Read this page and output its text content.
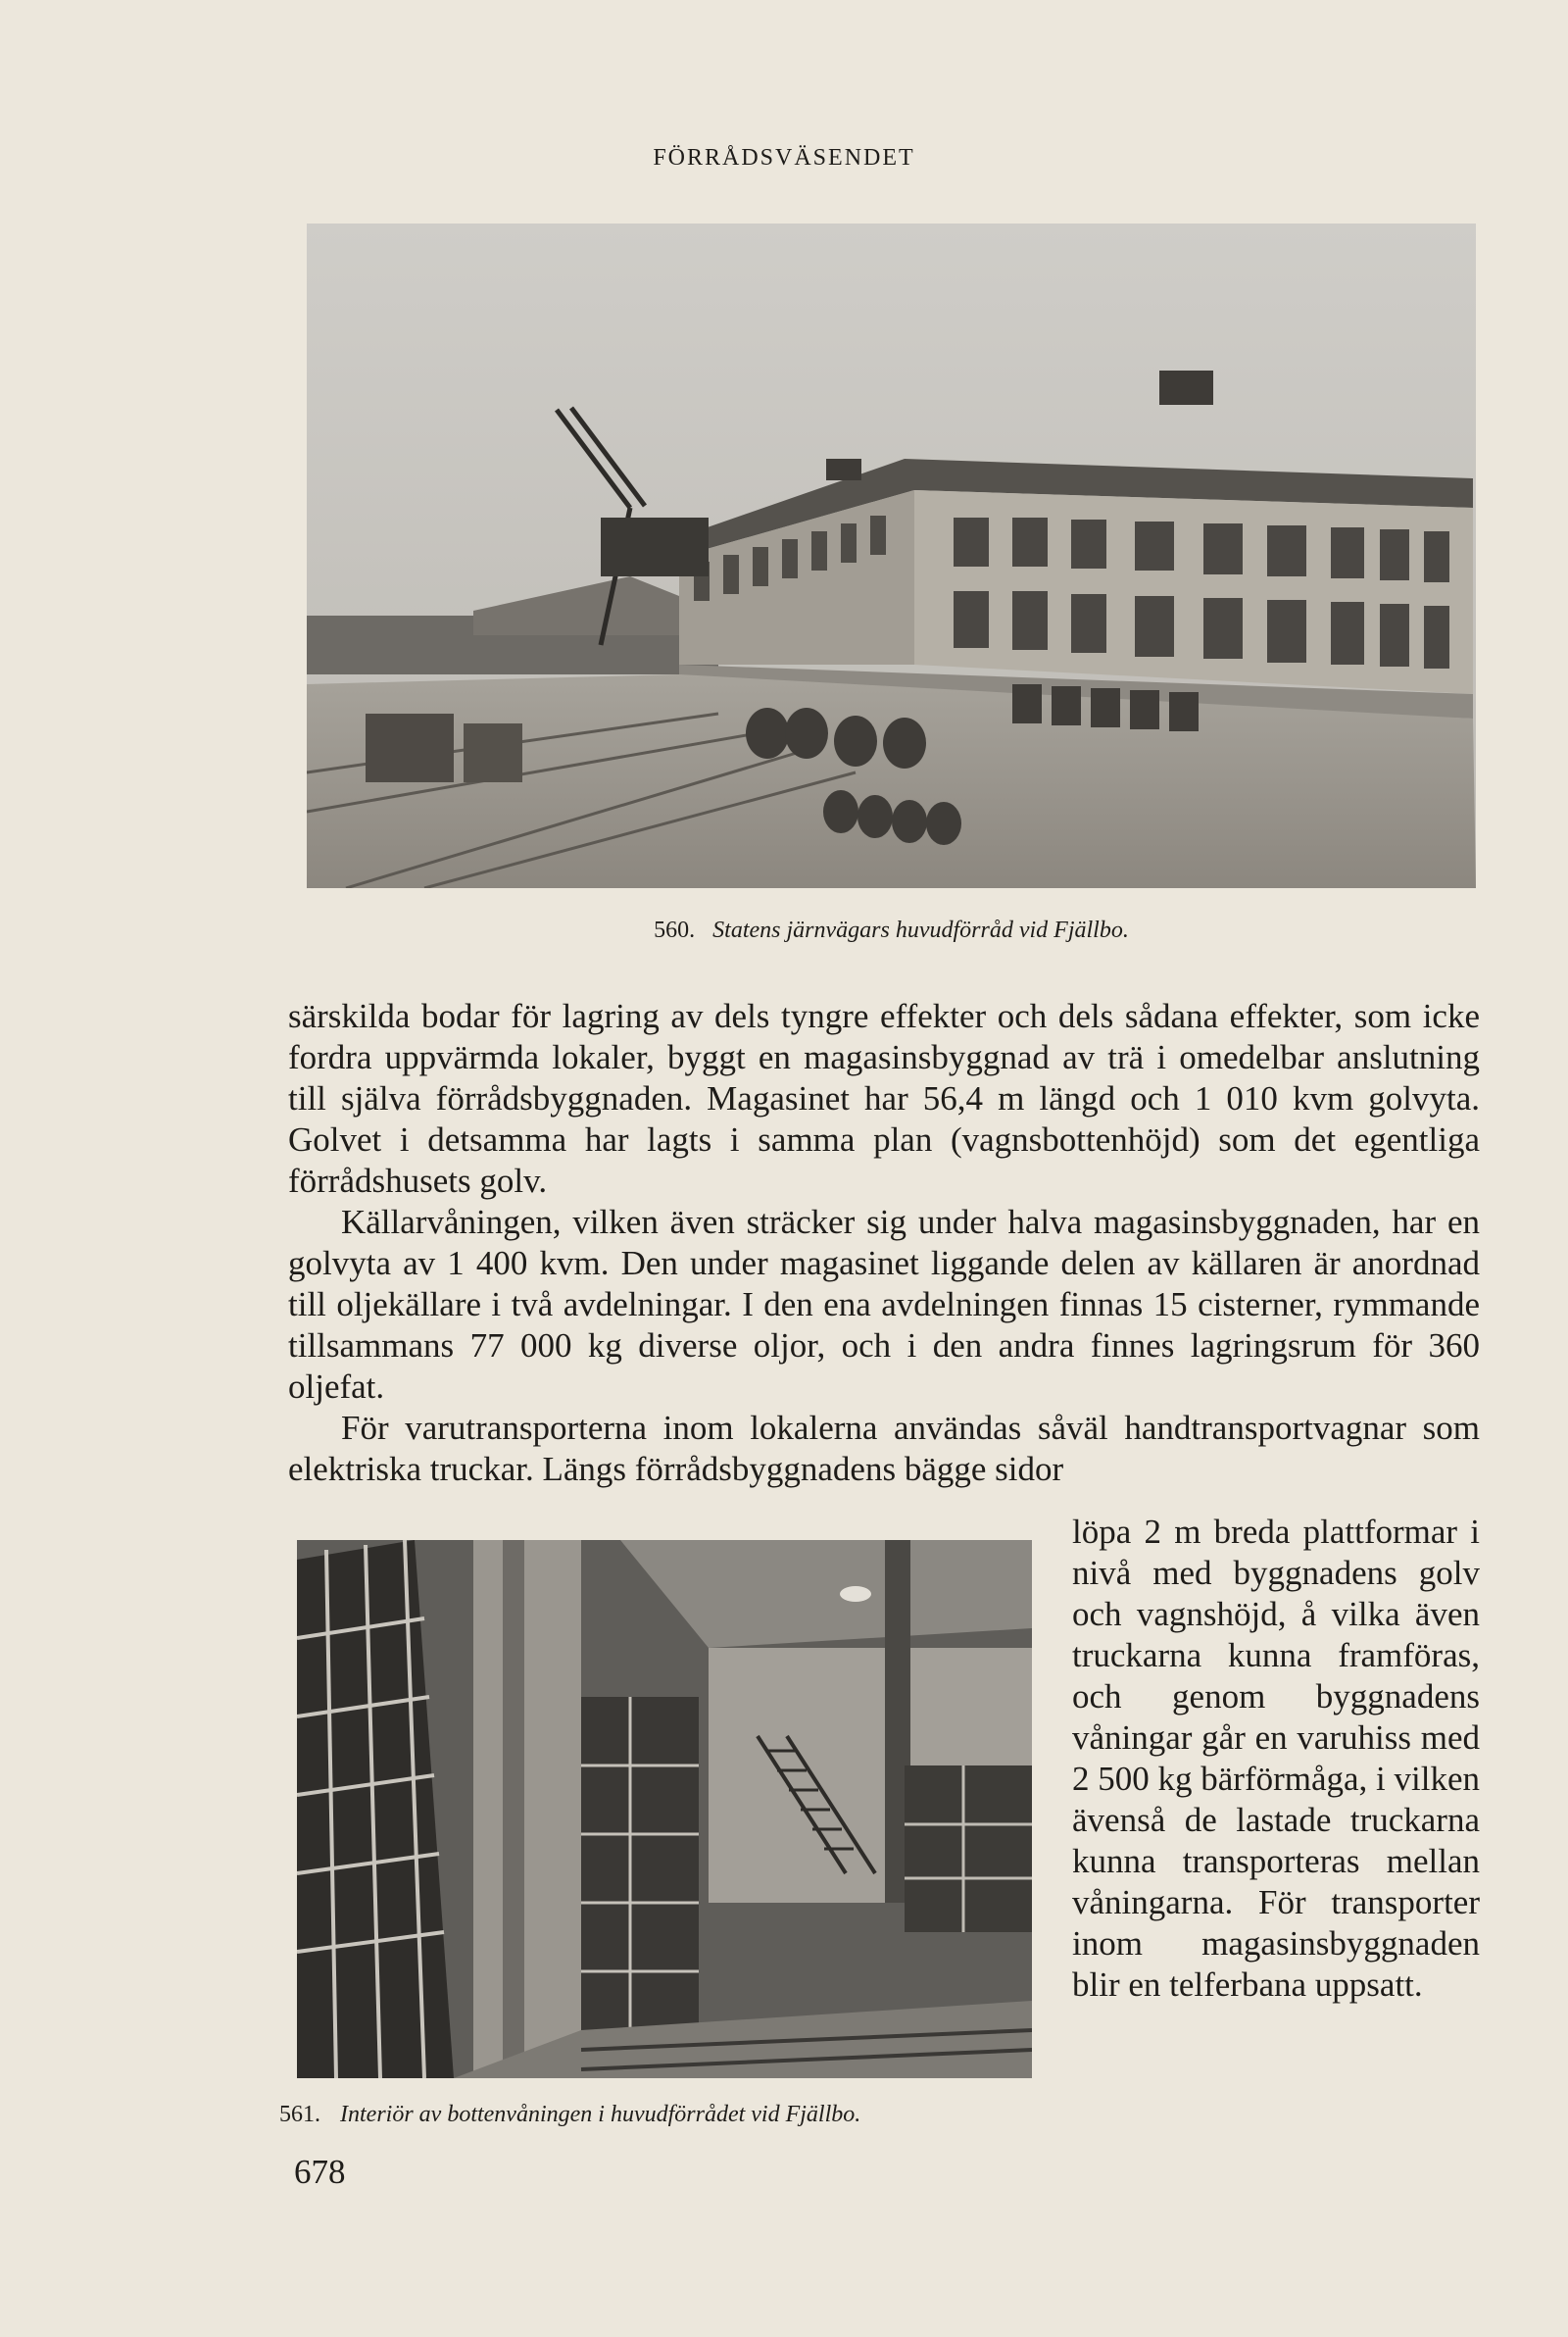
FÖRRÅDSVÄSENDET
560. Statens järnvägars huvudförråd vid Fjällbo.

särskilda bodar för lagring av dels tyngre effekter och dels sådana effekter, som icke fordra uppvärmda lokaler, byggt en magasinsbyggnad av trä i omedelbar anslutning till själva förrådsbyggnaden. Magasinet har 56,4 m längd och 1 010 kvm golvyta. Golvet i detsamma har lagts i samma plan (vagnsbottenhöjd) som det egentliga förrådshusets golv.

Källarvåningen, vilken även sträcker sig under halva magasinsbyggnaden, har en golvyta av 1 400 kvm. Den under magasinet liggande delen av källaren är anordnad till oljekällare i två avdelningar. I den ena avdelningen finnas 15 cisterner, rymmande tillsammans 77 000 kg diverse oljor, och i den andra finnes lagringsrum för 360 oljefat.

För varutransporterna inom lokalerna användas såväl handtransportvagnar som elektriska truckar. Längs förrådsbyggnadens bägge sidor

löpa 2 m breda plattformar i nivå med byggnadens golv och vagnshöjd, å vilka även truckarna kunna framföras, och genom byggnadens våningar går en varuhiss med 2 500 kg bärförmåga, i vilken ävenså de lastade truckarna kunna transporteras mellan våningarna. För transporter inom magasinsbyggnaden blir en telferbana uppsatt.

561. Interiör av bottenvåningen i huvudförrådet vid Fjällbo.
678
